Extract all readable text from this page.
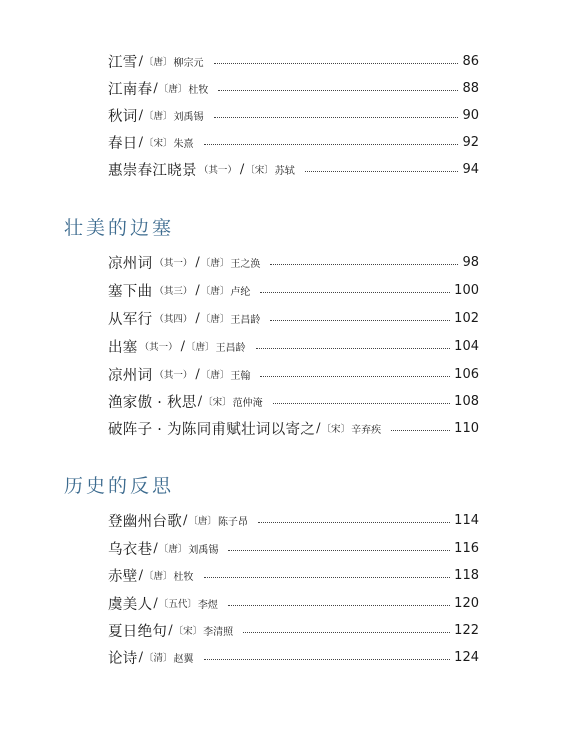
江雪 / 〔唐〕 柳宗元	86
江南春 / 〔唐〕 杜牧	88
秋词 / 〔唐〕 刘禹锡	90
春日 / 〔宋〕 朱熹	92
惠崇春江晓景 （其一） / 〔宋〕 苏轼	94
壮美的边塞
凉州词 （其一） / 〔唐〕 王之涣	98
塞下曲 （其三） / 〔唐〕 卢纶	100
从军行 （其四） / 〔唐〕 王昌龄	102
出塞 （其一） / 〔唐〕 王昌龄	104
凉州词 （其一） / 〔唐〕 王翰	106
渔家傲 · 秋思 / 〔宋〕 范仲淹	108
破阵子 · 为陈同甫赋壮词以寄之 / 〔宋〕 辛弃疾	110
历史的反思
登幽州台歌 / 〔唐〕 陈子昂	114
乌衣巷 / 〔唐〕 刘禹锡	116
赤壁 / 〔唐〕 杜牧	118
虞美人 / 〔五代〕 李煜	120
夏日绝句 / 〔宋〕 李清照	122
论诗 / 〔清〕 赵翼	124
